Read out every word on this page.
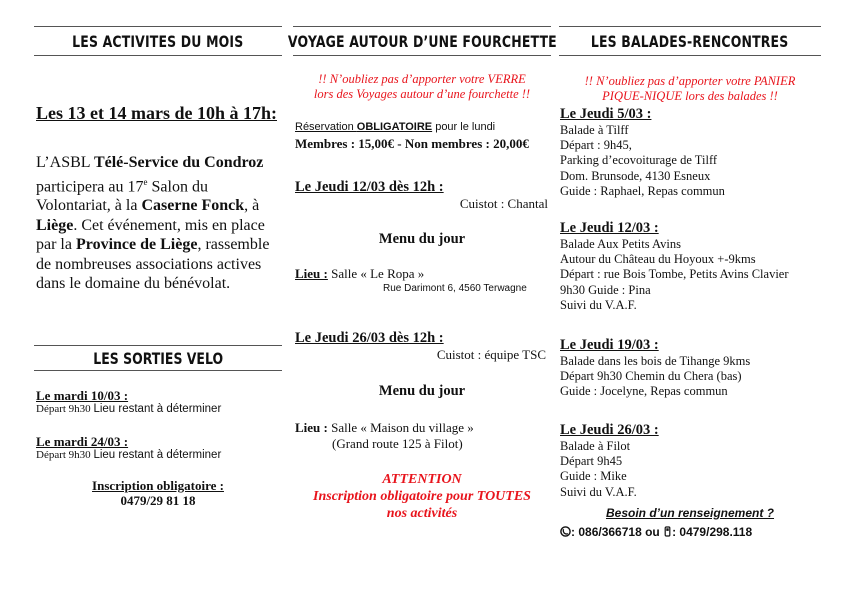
LES ACTIVITES DU MOIS
Les 13 et 14 mars de 10h à 17h:
L’ASBL Télé-Service du Condroz
participera au 17e Salon du
Volontariat, à la Caserne Fonck, à
Liège. Cet événement, mis en place
par la Province de Liège, rassemble
de nombreuses associations actives
dans le domaine du bénévolat.
LES SORTIES VELO
Le mardi 10/03 :
Départ 9h30 Lieu restant à déterminer
Le mardi 24/03 :
Départ 9h30 Lieu restant à déterminer
Inscription obligatoire :
0479/29 81 18
VOYAGE AUTOUR D’UNE FOURCHETTE
!! N’oubliez pas d’apporter votre VERRE
lors des Voyages autour d’une fourchette !!
Réservation OBLIGATOIRE pour le lundi
Membres : 15,00€ - Non membres : 20,00€
Le Jeudi 12/03 dès 12h :
Cuistot : Chantal
Menu du jour
Lieu : Salle « Le Ropa »
Rue Darimont 6, 4560 Terwagne
Le Jeudi 26/03 dès 12h :
Cuistot : équipe TSC
Menu du jour
Lieu : Salle « Maison du village »
(Grand route 125 à Filot)
ATTENTION
Inscription obligatoire pour TOUTES
nos activités
LES BALADES-RENCONTRES
!! N’oubliez pas d’apporter votre PANIER
PIQUE-NIQUE lors des balades !!
Le Jeudi 5/03 :
Balade à Tilff
Départ : 9h45,
Parking d’ecovoiturage de Tilff
Dom. Brunsode, 4130 Esneux
Guide : Raphael, Repas commun
Le Jeudi 12/03 :
Balade Aux Petits Avins
Autour du Château du Hoyoux +-9kms
Départ : rue Bois Tombe, Petits Avins Clavier
9h30 Guide : Pina
Suivi du V.A.F.
Le Jeudi 19/03 :
Balade dans les bois de Tihange 9kms
Départ 9h30 Chemin du Chera (bas)
Guide : Jocelyne, Repas commun
Le Jeudi 26/03 :
Balade à Filot
Départ 9h45
Guide : Mike
Suivi du V.A.F.
Besoin d’un renseignement ?
: 086/366718 ou : 0479/298.118
